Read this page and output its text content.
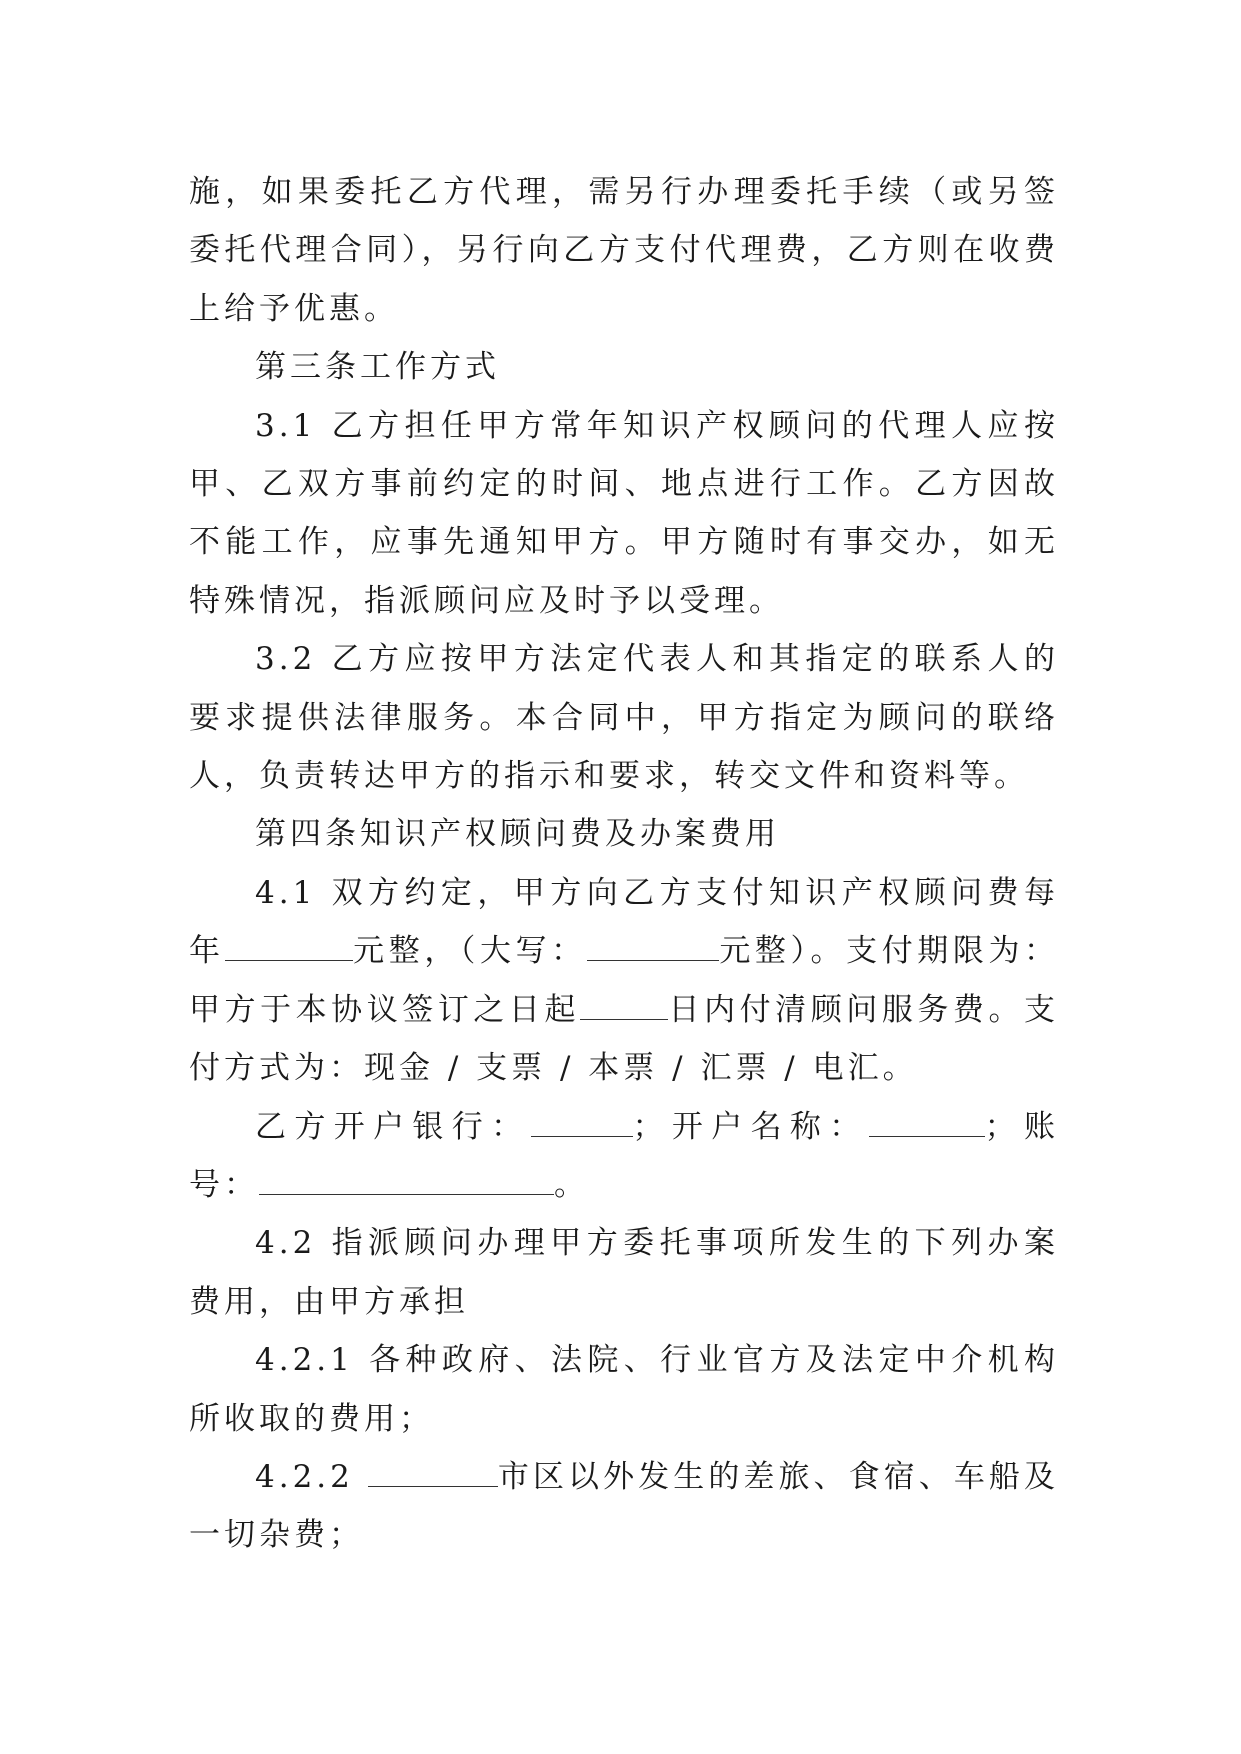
施，如果委托乙方代理，需另行办理委托手续（或另签委托代理合同），另行向乙方支付代理费，乙方则在收费上给予优惠。

第三条工作方式

3.1 乙方担任甲方常年知识产权顾问的代理人应按甲、乙双方事前约定的时间、地点进行工作。乙方因故不能工作，应事先通知甲方。甲方随时有事交办，如无特殊情况，指派顾问应及时予以受理。

3.2 乙方应按甲方法定代表人和其指定的联系人的要求提供法律服务。本合同中，甲方指定为顾问的联络人，负责转达甲方的指示和要求，转交文件和资料等。

第四条知识产权顾问费及办案费用

4.1 双方约定，甲方向乙方支付知识产权顾问费每年	元整，（大写：	元整）。支付期限为：甲方于本协议签订之日起	日内付清顾问服务费。支付方式为：现金 / 支票 / 本票 / 汇票 / 电汇。

乙方开户银行：	；开户名称：	；账号：	。

4.2 指派顾问办理甲方委托事项所发生的下列办案费用，由甲方承担

4.2.1 各种政府、法院、行业官方及法定中介机构所收取的费用；

4.2.2	市区以外发生的差旅、食宿、车船及一切杂费；
